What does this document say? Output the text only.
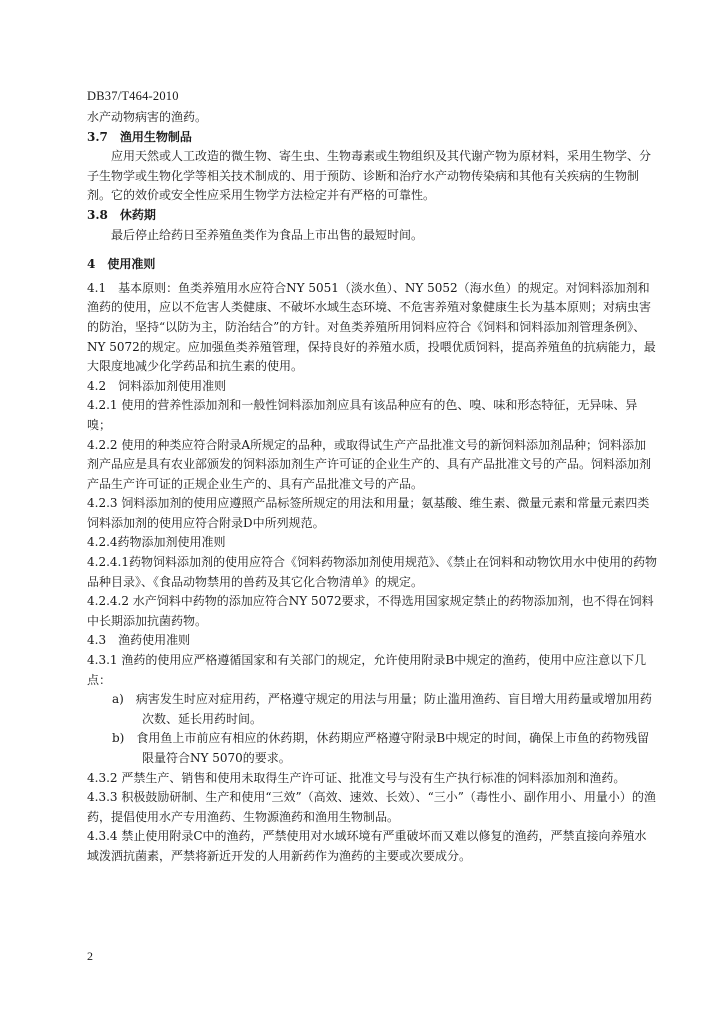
DB37/T464-2010

水产动物病害的渔药。

3.7　渔用生物制品

应用天然或人工改造的微生物、寄生虫、生物毒素或生物组织及其代谢产物为原材料，采用生物学、分子生物学或生物化学等相关技术制成的、用于预防、诊断和治疗水产动物传染病和其他有关疾病的生物制剂。它的效价或安全性应采用生物学方法检定并有严格的可靠性。

3.8　休药期

最后停止给药日至养殖鱼类作为食品上市出售的最短时间。

4　使用准则

4.1　基本原则：鱼类养殖用水应符合NY 5051（淡水鱼）、NY 5052（海水鱼）的规定。对饲料添加剂和渔药的使用，应以不危害人类健康、不破坏水域生态环境、不危害养殖对象健康生长为基本原则；对病虫害的防治，坚持“以防为主，防治结合”的方针。对鱼类养殖所用饲料应符合《饲料和饲料添加剂管理条例》、NY 5072的规定。应加强鱼类养殖管理，保持良好的养殖水质，投喂优质饲料，提高养殖鱼的抗病能力，最大限度地减少化学药品和抗生素的使用。

4.2　饲料添加剂使用准则

4.2.1 使用的营养性添加剂和一般性饲料添加剂应具有该品种应有的色、嗅、味和形态特征，无异味、异嗅；

4.2.2 使用的种类应符合附录A所规定的品种，或取得试生产产品批准文号的新饲料添加剂品种；饲料添加剂产品应是具有农业部颁发的饲料添加剂生产许可证的企业生产的、具有产品批准文号的产品。饲料添加剂产品生产许可证的正规企业生产的、具有产品批准文号的产品。

4.2.3 饲料添加剂的使用应遵照产品标签所规定的用法和用量；氨基酸、维生素、微量元素和常量元素四类饲料添加剂的使用应符合附录D中所列规范。

4.2.4药物添加剂使用准则

4.2.4.1药物饲料添加剂的使用应符合《饲料药物添加剂使用规范》、《禁止在饲料和动物饮用水中使用的药物品种目录》、《食品动物禁用的兽药及其它化合物清单》的规定。

4.2.4.2 水产饲料中药物的添加应符合NY 5072要求，不得选用国家规定禁止的药物添加剂，也不得在饲料中长期添加抗菌药物。

4.3　渔药使用准则

4.3.1 渔药的使用应严格遵循国家和有关部门的规定，允许使用附录B中规定的渔药，使用中应注意以下几点：

a)　病害发生时应对症用药，严格遵守规定的用法与用量；防止滥用渔药、盲目增大用药量或增加用药次数、延长用药时间。

b)　食用鱼上市前应有相应的休药期，休药期应严格遵守附录B中规定的时间，确保上市鱼的药物残留限量符合NY 5070的要求。

4.3.2 严禁生产、销售和使用未取得生产许可证、批准文号与没有生产执行标准的饲料添加剂和渔药。

4.3.3 积极鼓励研制、生产和使用“三效”（高效、速效、长效）、“三小”（毒性小、副作用小、用量小）的渔药，提倡使用水产专用渔药、生物源渔药和渔用生物制品。

4.3.4 禁止使用附录C中的渔药，严禁使用对水域环境有严重破坏而又难以修复的渔药，严禁直接向养殖水域泼洒抗菌素，严禁将新近开发的人用新药作为渔药的主要或次要成分。

2
